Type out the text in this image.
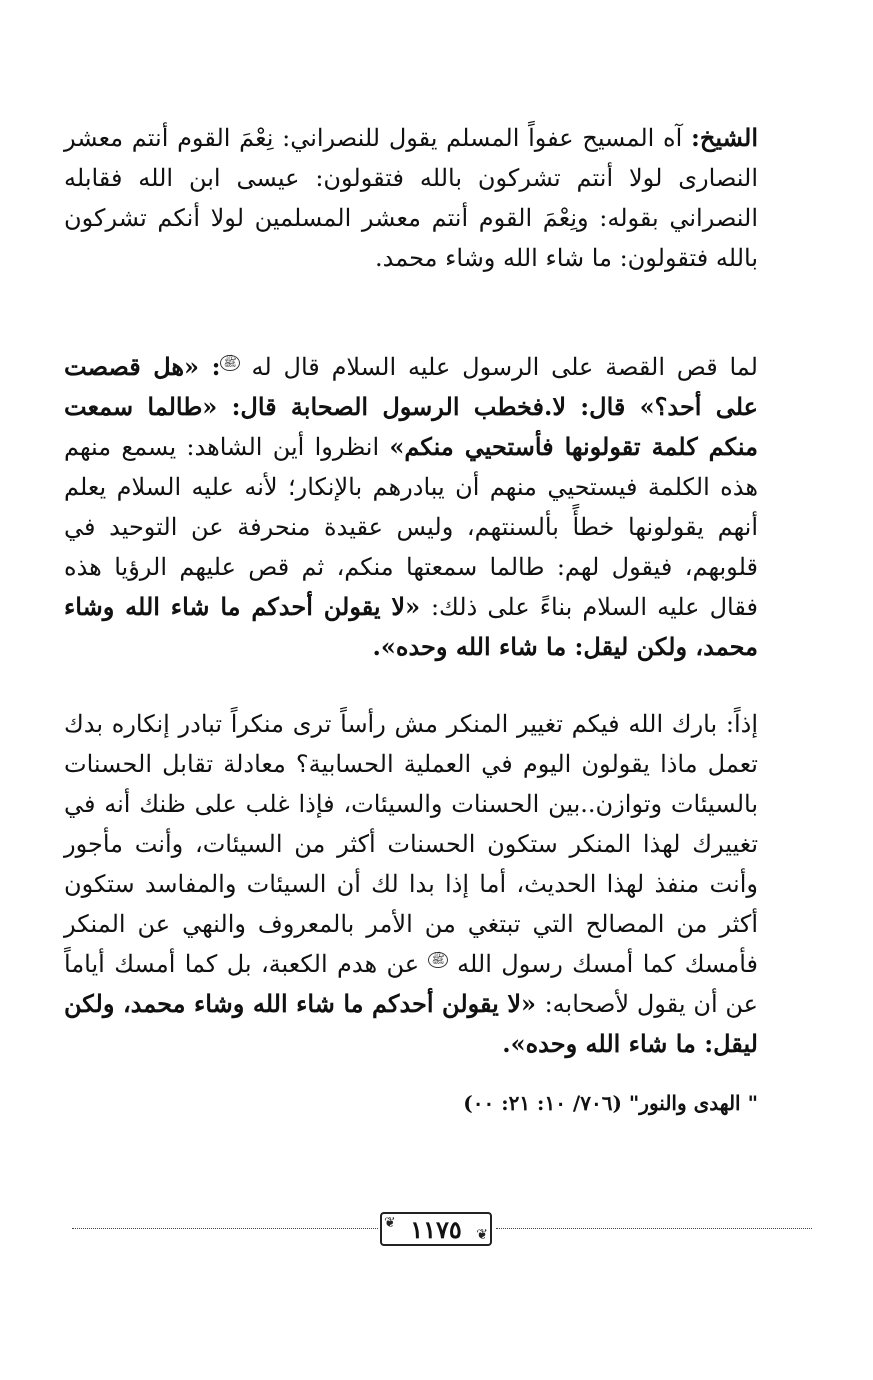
الشيخ: آه المسيح عفواً المسلم يقول للنصراني: نِعْمَ القوم أنتم معشر النصارى لولا أنتم تشركون بالله فتقولون: عيسى ابن الله فقابله النصراني بقوله: ونِعْمَ القوم أنتم معشر المسلمين لولا أنكم تشركون بالله فتقولون: ما شاء الله وشاء محمد.

لما قص القصة على الرسول عليه السلام قال له ﷺ: «هل قصصت على أحد؟» قال: لا.فخطب الرسول الصحابة قال: «طالما سمعت منكم كلمة تقولونها فأستحيي منكم» انظروا أين الشاهد: يسمع منهم هذه الكلمة فيستحيي منهم أن يبادرهم بالإنكار؛ لأنه عليه السلام يعلم أنهم يقولونها خطأً بألسنتهم، وليس عقيدة منحرفة عن التوحيد في قلوبهم، فيقول لهم: طالما سمعتها منكم، ثم قص عليهم الرؤيا هذه فقال عليه السلام بناءً على ذلك: «لا يقولن أحدكم ما شاء الله وشاء محمد، ولكن ليقل: ما شاء الله وحده».

إذاً: بارك الله فيكم تغيير المنكر مش رأساً ترى منكراً تبادر إنكاره بدك تعمل ماذا يقولون اليوم في العملية الحسابية؟ معادلة تقابل الحسنات بالسيئات وتوازن..بين الحسنات والسيئات، فإذا غلب على ظنك أنه في تغييرك لهذا المنكر ستكون الحسنات أكثر من السيئات، وأنت مأجور وأنت منفذ لهذا الحديث، أما إذا بدا لك أن السيئات والمفاسد ستكون أكثر من المصالح التي تبتغي من الأمر بالمعروف والنهي عن المنكر فأمسك كما أمسك رسول الله ﷺ عن هدم الكعبة، بل كما أمسك أياماً عن أن يقول لأصحابه: «لا يقولن أحدكم ما شاء الله وشاء محمد، ولكن ليقل: ما شاء الله وحده».

" الهدى والنور" (٧٠٦/ ١٠: ٢١: ٠٠)
❦ ١١٧٥ ❦
